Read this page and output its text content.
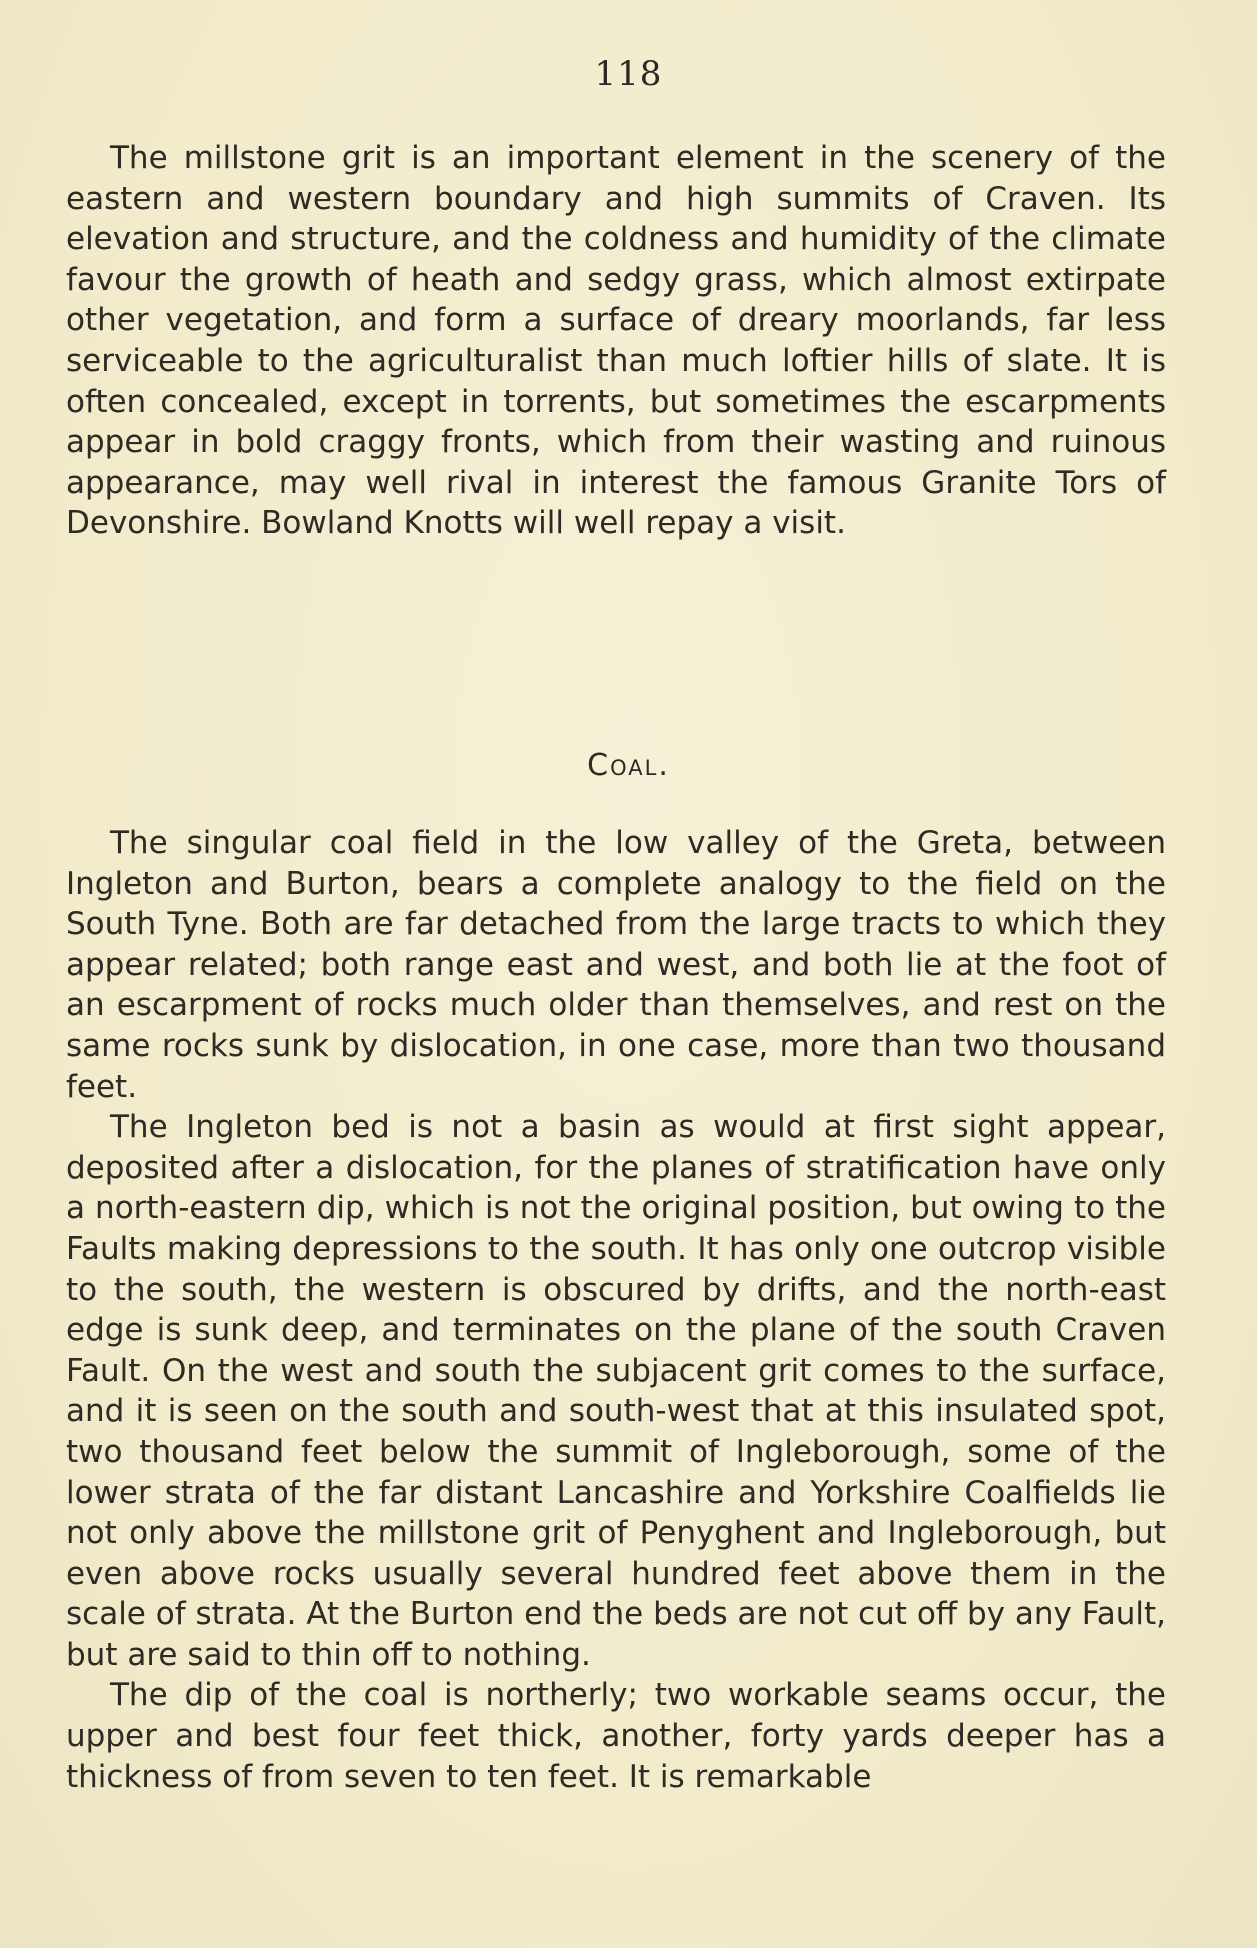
118

The millstone grit is an important element in the scenery of the eastern and western boundary and high summits of Craven. Its elevation and structure, and the coldness and humidity of the climate favour the growth of heath and sedgy grass, which almost extirpate other vegetation, and form a surface of dreary moorlands, far less serviceable to the agriculturalist than much loftier hills of slate. It is often concealed, except in torrents, but sometimes the escarpments appear in bold craggy fronts, which from their wasting and ruinous appearance, may well rival in interest the famous Granite Tors of Devonshire. Bowland Knotts will well repay a visit.

Coal.

The singular coal field in the low valley of the Greta, between Ingleton and Burton, bears a complete analogy to the field on the South Tyne. Both are far detached from the large tracts to which they appear related; both range east and west, and both lie at the foot of an escarpment of rocks much older than themselves, and rest on the same rocks sunk by dislocation, in one case, more than two thousand feet.

The Ingleton bed is not a basin as would at first sight appear, deposited after a dislocation, for the planes of stratification have only a north-eastern dip, which is not the original position, but owing to the Faults making depressions to the south. It has only one outcrop visible to the south, the western is obscured by drifts, and the north-east edge is sunk deep, and terminates on the plane of the south Craven Fault. On the west and south the subjacent grit comes to the surface, and it is seen on the south and south-west that at this insulated spot, two thousand feet below the summit of Ingleborough, some of the lower strata of the far distant Lancashire and Yorkshire Coalfields lie not only above the millstone grit of Penyghent and Ingleborough, but even above rocks usually several hundred feet above them in the scale of strata. At the Burton end the beds are not cut off by any Fault, but are said to thin off to nothing.

The dip of the coal is northerly; two workable seams occur, the upper and best four feet thick, another, forty yards deeper has a thickness of from seven to ten feet. It is remarkable
